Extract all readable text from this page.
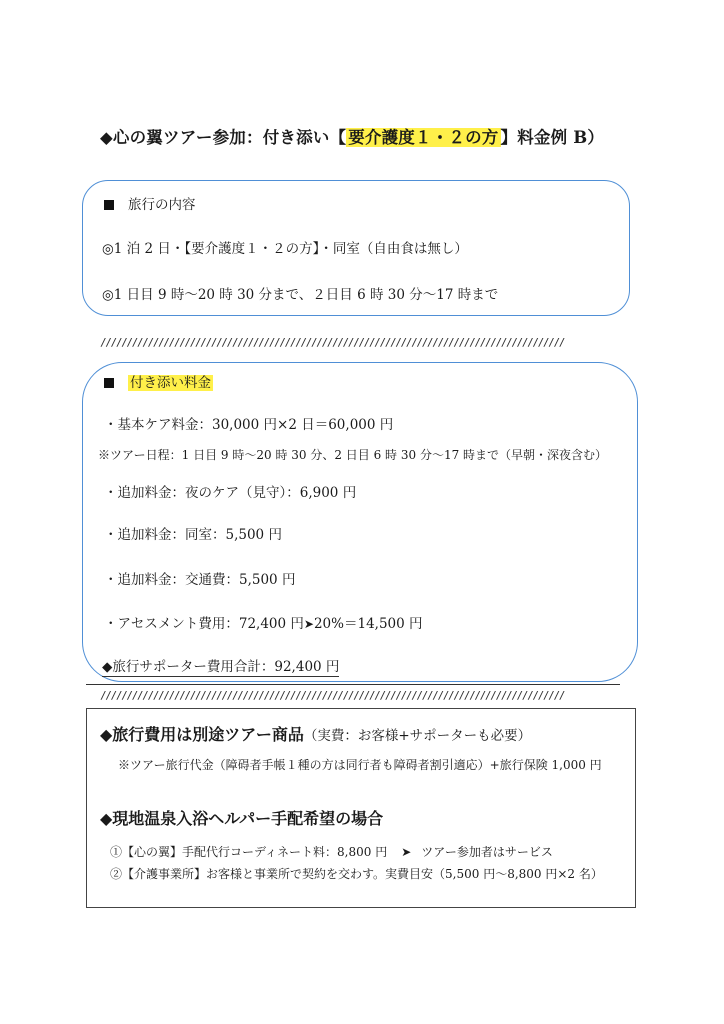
◆心の翼ツアー参加：付き添い【 要介護度１・２の方 】料金例 B）
旅行の内容
◎1 泊 2 日・【要介護度１・２の方】・同室（自由食は無し）
◎1 日目 9 時〜20 時 30 分まで、２日目 6 時 30 分〜17 時まで
////////////////////////////////////////////////////////////////////////////////////////
付き添い料金
・基本ケア料金：30,000 円×2 日＝60,000 円
※ツアー日程：1 日目 9 時〜20 時 30 分、2 日目 6 時 30 分〜17 時まで（早朝・深夜含む）
・追加料金：夜のケア（見守）：6,900 円
・追加料金：同室：5,500 円
・追加料金：交通費：5,500 円
・アセスメント費用：72,400 円➤20%＝14,500 円
◆旅行サポーター費用合計：92,400 円
////////////////////////////////////////////////////////////////////////////////////////
◆旅行費用は別途ツアー商品（実費：お客様+サポーターも必要）
※ツアー旅行代金（障碍者手帳１種の方は同行者も障碍者割引適応）+旅行保険 1,000 円
◆現地温泉入浴ヘルパー手配希望の場合
①【心の翼】手配代行コーディネート料：8,800 円 ➤ ツアー参加者はサービス
②【介護事業所】お客様と事業所で契約を交わす。実費目安（5,500 円〜8,800 円×2 名）
